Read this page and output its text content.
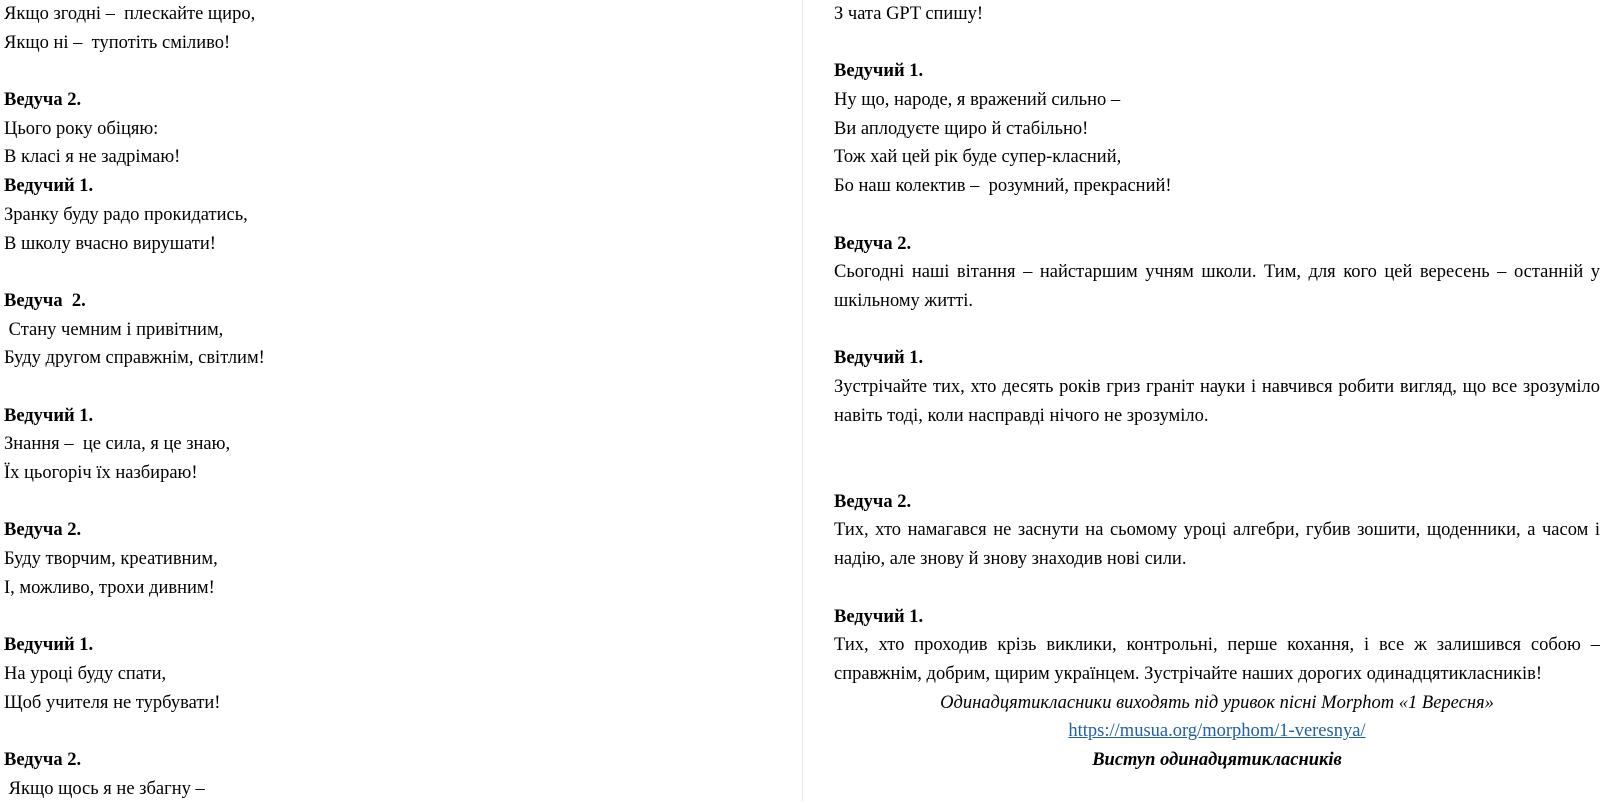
Якщо згодні –  плескайте щиро,
Якщо ні –  тупотіть сміливо!
Ведуча 2.
Цього року обіцяю:
В класі я не задрімаю!
Ведучий 1.
Зранку буду радо прокидатись,
В школу вчасно вирушати!
Ведуча  2.
Стану чемним і привітним,
Буду другом справжнім, світлим!
Ведучий 1.
Знання –  це сила, я це знаю,
Їх цьогоріч їх назбираю!
Ведуча 2.
Буду творчим, креативним,
І, можливо, трохи дивним!
Ведучий 1.
На уроці буду спати,
Щоб учителя не турбувати!
Ведуча 2.
Якщо щось я не збагну –
З чата GPT спишу!
Ведучий 1.
Ну що, народе, я вражений сильно –
Ви аплодуєте щиро й стабільно!
Тож хай цей рік буде супер-класний,
Бо наш колектив –  розумний, прекрасний!
Ведуча 2.
Сьогодні наші вітання – найстаршим учням школи. Тим, для кого цей вересень – останній у шкільному житті.
Ведучий 1.
Зустрічайте тих, хто десять років гриз граніт науки і навчився робити вигляд, що все зрозуміло навіть тоді, коли насправді нічого не зрозуміло.
Ведуча 2.
Тих, хто намагався не заснути на сьомому уроці алгебри, губив зошити, щоденники, а часом і надію, але знову й знову знаходив нові сили.
Ведучий 1.
Тих, хто проходив крізь виклики, контрольні, перше кохання, і все ж залишився собою – справжнім, добрим, щирим українцем. Зустрічайте наших дорогих одинадцятикласників!
Одинадцятикласники виходять під уривок пісні Morphom «1 Вересня»
https://musua.org/morphom/1-veresnya/
Виступ одинадцятикласників
